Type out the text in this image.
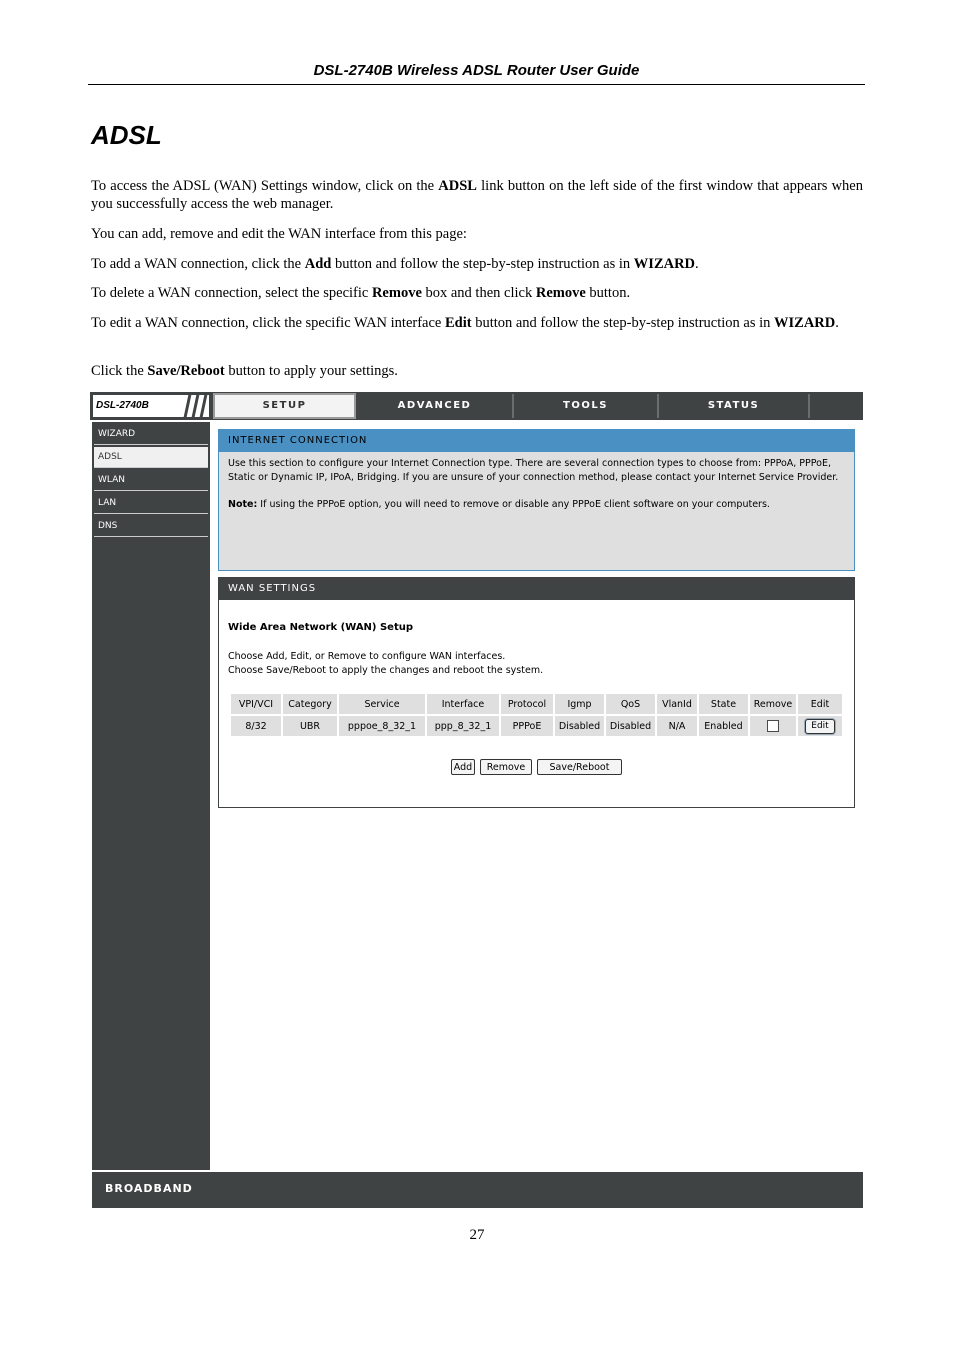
DSL-2740B Wireless ADSL Router User Guide
ADSL

To access the ADSL (WAN) Settings window, click on the ADSL link button on the left side of the first window that appears when you successfully access the web manager.

You can add, remove and edit the WAN interface from this page:

To add a WAN connection, click the Add button and follow the step-by-step instruction as in WIZARD.

To delete a WAN connection, select the specific Remove box and then click Remove button.

To edit a WAN connection, click the specific WAN interface Edit button and follow the step-by-step instruction as in WIZARD.

Click the Save/Reboot button to apply your settings.

DSL-2740B	SETUP	ADVANCED	TOOLS	STATUS
WIZARD
ADSL
WLAN
LAN
DNS
INTERNET CONNECTION
Use this section to configure your Internet Connection type. There are several connection types to choose from: PPPoA, PPPoE, Static or Dynamic IP, IPoA, Bridging. If you are unsure of your connection method, please contact your Internet Service Provider.
Note: If using the PPPoE option, you will need to remove or disable any PPPoE client software on your computers.
WAN SETTINGS
Wide Area Network (WAN) Setup
Choose Add, Edit, or Remove to configure WAN interfaces.
Choose Save/Reboot to apply the changes and reboot the system.
VPI/VCI	Category	Service	Interface	Protocol	Igmp	QoS	VlanId	State	Remove	Edit
8/32	UBR	pppoe_8_32_1	ppp_8_32_1	PPPoE	Disabled	Disabled	N/A	Enabled		Edit
Add	Remove	Save/Reboot
BROADBAND
27
